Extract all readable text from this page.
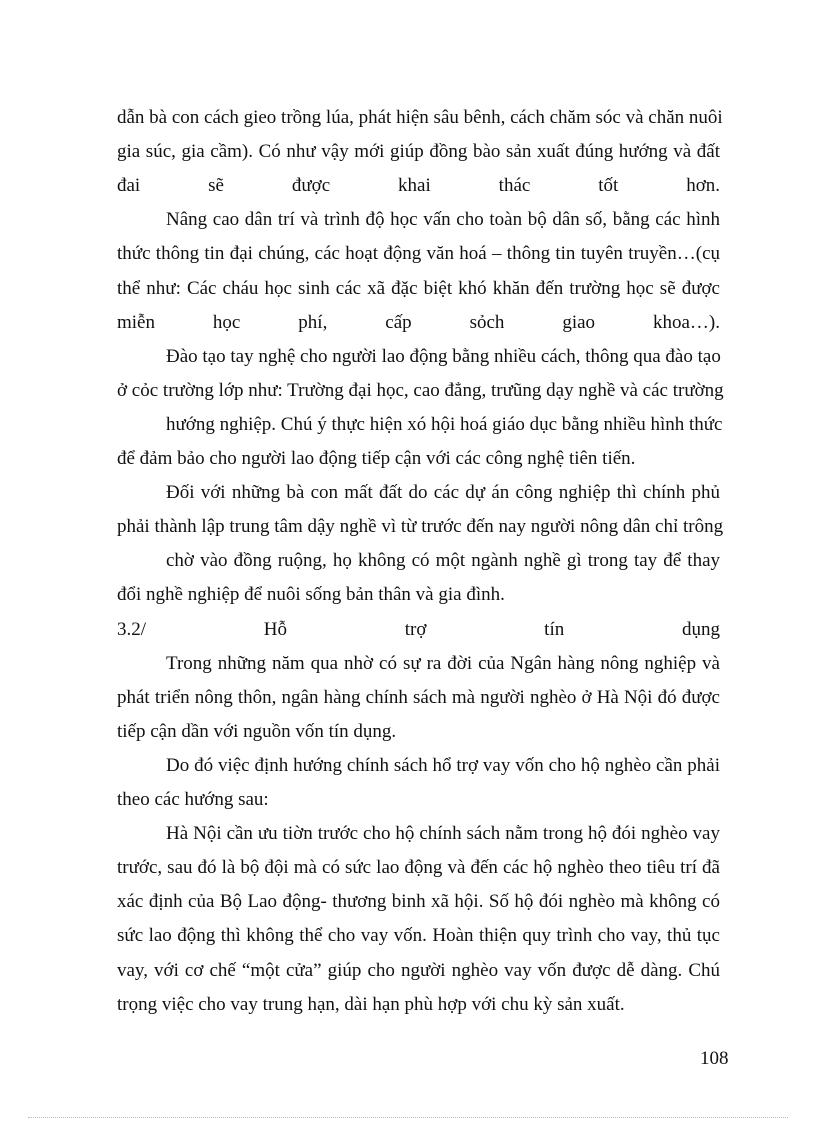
dẫn bà con cách gieo trồng lúa, phát hiện sâu bênh, cách chăm sóc và chăn nuôi
gia súc, gia cầm). Có như vậy mới giúp đồng bào sản xuất đúng hướng và đất
đai sẽ được khai thác tốt hơn.
Nâng cao dân trí và trình độ học vấn cho toàn bộ dân số, bằng các hình
thức thông tin đại chúng, các hoạt động văn hoá – thông tin tuyên truyền…(cụ
thể như: Các cháu học sinh các xã đặc biệt khó khăn đến trường học sẽ được
miễn học phí, cấp sỏch giao khoa…).
Đào tạo tay nghệ cho người lao động bằng nhiều cách, thông qua đào tạo
ở cỏc trường lớp như: Trường đại học, cao đẳng, trưũng dạy nghề và các trường
hướng nghiệp. Chú ý thực hiện xó hội hoá giáo dục bằng nhiều hình thức
để đảm bảo cho người lao động tiếp cận với các công nghệ tiên tiến.
Đối với những bà con mất đất do các dự án công nghiệp thì chính phủ
phải thành lập trung tâm dậy nghề vì từ trước đến nay người nông dân chỉ trông
chờ vào đồng ruộng, họ không có một ngành nghề gì trong tay để thay
đổi nghề nghiệp để nuôi sống bản thân và gia đình.
3.2/ Hỗ trợ tín dụng
Trong những năm qua nhờ có sự ra đời của Ngân hàng nông nghiệp và
phát triển nông thôn, ngân hàng chính sách mà người nghèo ở Hà Nội đó được
tiếp cận dần với nguồn vốn tín dụng.
Do đó việc định hướng chính sách hổ trợ vay vốn cho hộ nghèo cần phải
theo các hướng sau:
Hà Nội cần ưu tiờn trước cho hộ chính sách nằm trong hộ đói nghèo vay
trước, sau đó là bộ đội mà có sức lao động và đến các hộ nghèo theo tiêu trí đã
xác định của Bộ Lao động- thương binh xã hội. Số hộ đói nghèo mà không có
sức lao động thì không thể cho vay vốn. Hoàn thiện quy trình cho vay, thủ tục
vay, với cơ chế “một cửa” giúp cho người nghèo vay vốn được dễ dàng. Chú
trọng việc cho vay trung hạn, dài hạn phù hợp với chu kỳ sản xuất.
108
